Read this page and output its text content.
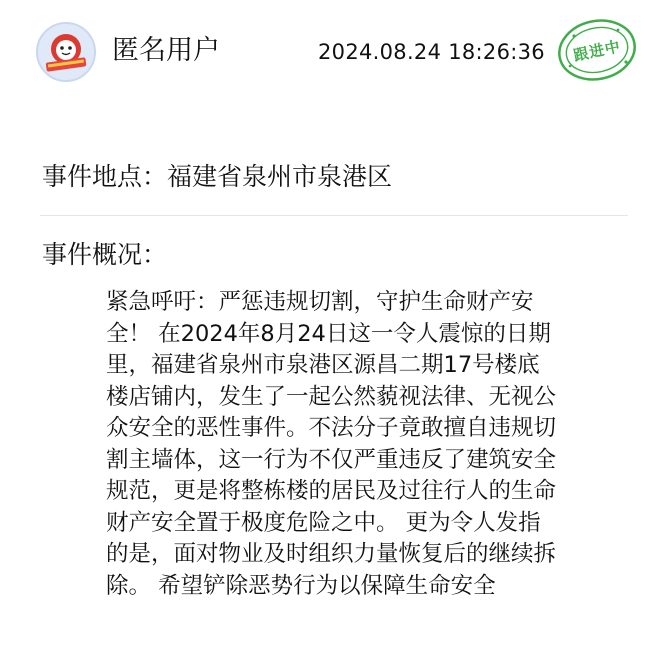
匿名用户	2024.08.24 18:26:36	跟进中
事件地点：福建省泉州市泉港区
事件概况：
紧急呼吁：严惩违规切割，守护生命财产安全！ 在2024年8月24日这一令人震惊的日期里，福建省泉州市泉港区源昌二期17号楼底楼店铺内，发生了一起公然藐视法律、无视公众安全的恶性事件。不法分子竟敢擅自违规切割主墙体，这一行为不仅严重违反了建筑安全规范，更是将整栋楼的居民及过往行人的生命财产安全置于极度危险之中。 更为令人发指的是，面对物业及时组织力量恢复后的继续拆除。 希望铲除恶势行为以保障生命安全
